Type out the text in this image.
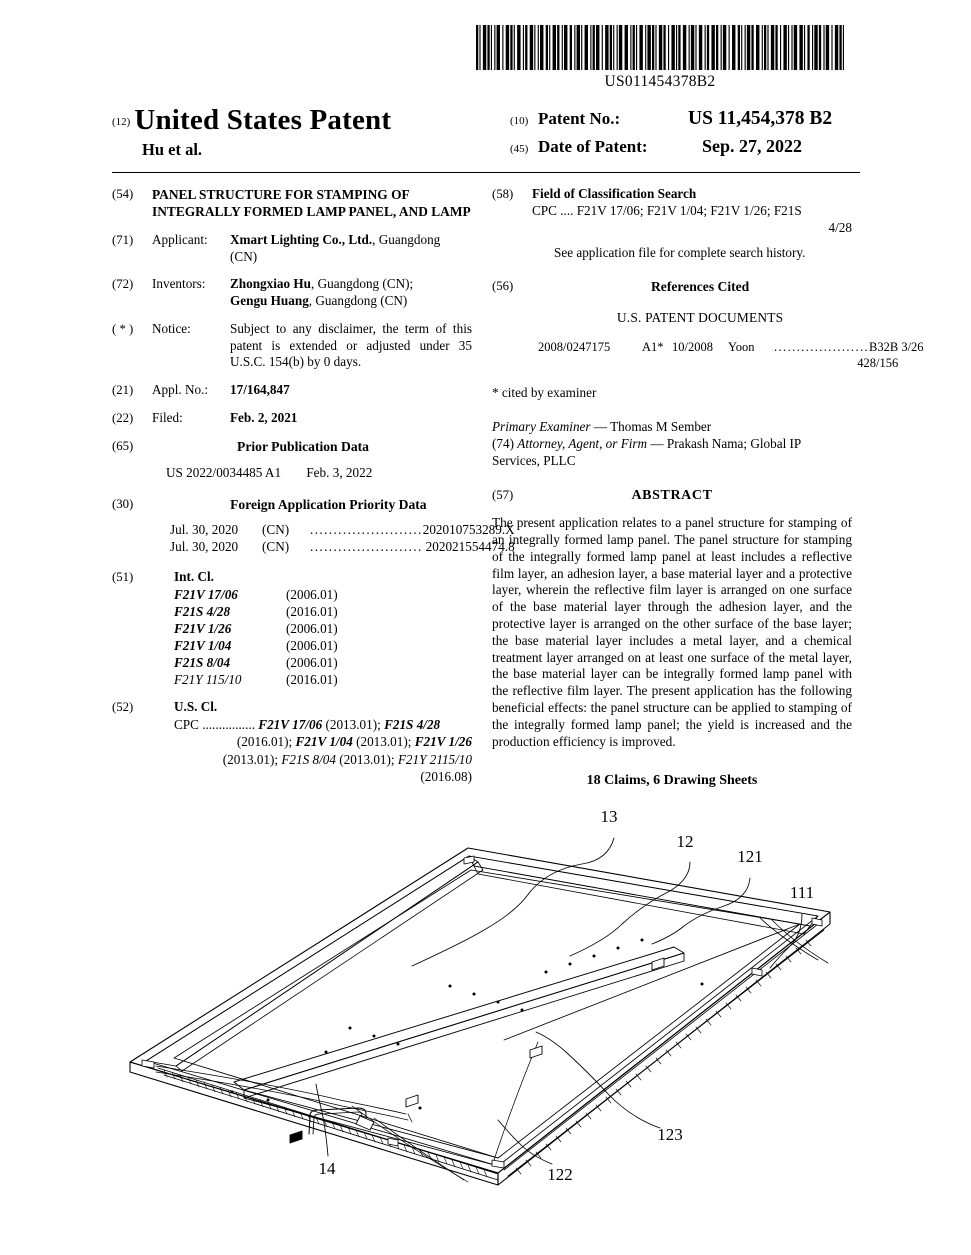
US011454378B2
$^{(12)}$ United States Patent
Hu et al.
(10) Patent No.:	US 11,454,378 B2
(45) Date of Patent:	Sep. 27, 2022
(54)	PANEL STRUCTURE FOR STAMPING OF INTEGRALLY FORMED LAMP PANEL, AND LAMP
(71)	Applicant:	Xmart Lighting Co., Ltd., Guangdong
(CN)
(72)	Inventors:	Zhongxiao Hu, Guangdong (CN);
Gengu Huang, Guangdong (CN)
( * )	Notice:	Subject to any disclaimer, the term of this patent is extended or adjusted under 35 U.S.C. 154(b) by 0 days.
(21)	Appl. No.:	17/164,847
(22)	Filed:	Feb. 2, 2021
(65)	Prior Publication Data
US 2022/0034485 A1 Feb. 3, 2022
(30)	Foreign Application Priority Data
Jul. 30, 2020	(CN)	........................ 202010753289.X
Jul. 30, 2020	(CN)	........................ 202021554474.8
(51)	Int. Cl.
F21V 17/06	(2006.01)
F21S 4/28	(2016.01)
F21V 1/26	(2006.01)
F21V 1/04	(2006.01)
F21S 8/04	(2006.01)
F21Y 115/10	(2016.01)
(52)	U.S. Cl.
CPC ................ F21V 17/06 (2013.01); F21S 4/28
(2016.01); F21V 1/04 (2013.01); F21V 1/26
(2013.01); F21S 8/04 (2013.01); F21Y 2115/10
(2016.08)
(58)	Field of Classification Search
CPC .... F21V 17/06; F21V 1/04; F21V 1/26; F21S
4/28
See application file for complete search history.
(56)	References Cited
U.S. PATENT DOCUMENTS
2008/0247175	A1* 10/2008	Yoon	..................... B32B 3/26
428/156
* cited by examiner
Primary Examiner — Thomas M Sember
(74) Attorney, Agent, or Firm — Prakash Nama; Global IP Services, PLLC
(57)	ABSTRACT
The present application relates to a panel structure for stamping of an integrally formed lamp panel. The panel structure for stamping of the integrally formed lamp panel at least includes a reflective film layer, an adhesion layer, a base material layer and a protective layer, wherein the reflective film layer is arranged on one surface of the base material layer through the adhesion layer, and the protective layer is arranged on the other surface of the base layer; the base material layer includes a metal layer, and a chemical treatment layer arranged on at least one surface of the metal layer, the base material layer can be integrally formed lamp panel with the reflective film layer. The present application has the following beneficial effects: the panel structure can be applied to stamping of the integrally formed lamp panel; the yield is increased and the production efficiency is improved.
18 Claims, 6 Drawing Sheets
13
12
121
111
123
122
14
